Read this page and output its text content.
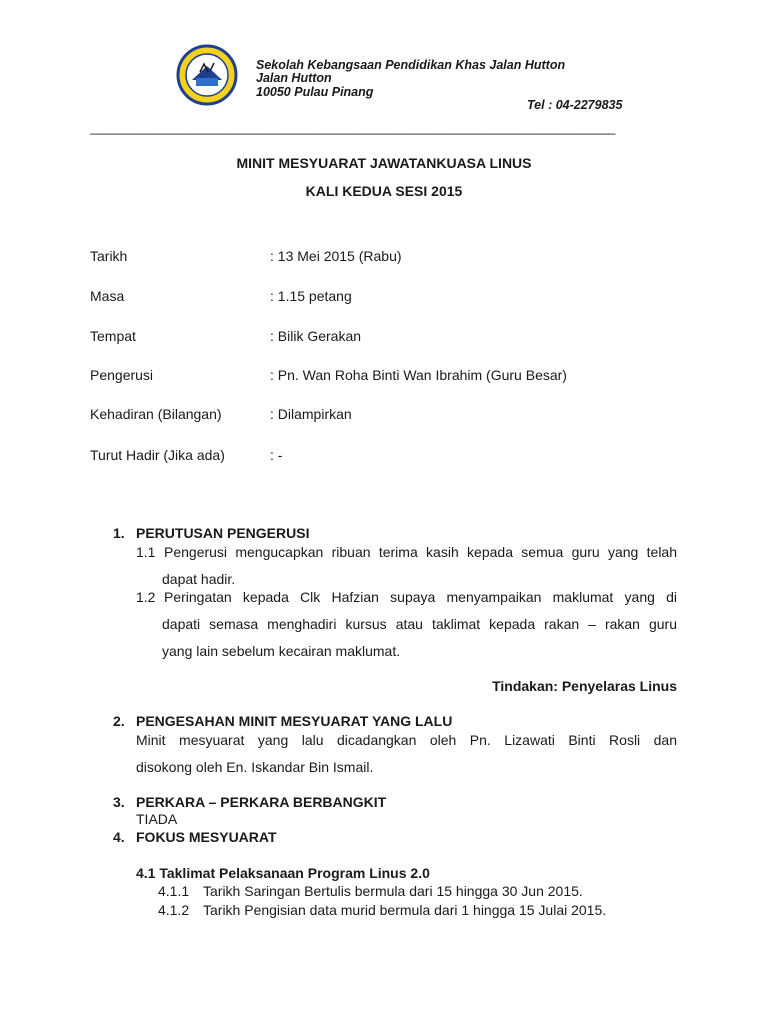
Sekolah Kebangsaan Pendidikan Khas Jalan Hutton
Jalan Hutton
10050 Pulau Pinang
Tel : 04-2279835
______________________________________________________________________________
MINIT MESYUARAT JAWATANKUASA LINUS
KALI KEDUA SESI 2015
Tarikh	: 13 Mei 2015 (Rabu)
Masa	: 1.15 petang
Tempat	: Bilik Gerakan
Pengerusi	: Pn. Wan Roha Binti Wan Ibrahim (Guru Besar)
Kehadiran (Bilangan)	: Dilampirkan
Turut Hadir (Jika ada)	: -
1. PERUTUSAN PENGERUSI
1.1 Pengerusi mengucapkan ribuan terima kasih kepada semua guru yang telah
dapat hadir.
1.2 Peringatan kepada Clk Hafzian supaya menyampaikan maklumat yang di
dapati semasa menghadiri kursus atau taklimat kepada rakan – rakan guru
yang lain sebelum kecairan maklumat.
Tindakan: Penyelaras Linus
2. PENGESAHAN MINIT MESYUARAT YANG LALU
Minit mesyuarat yang lalu dicadangkan oleh Pn. Lizawati Binti Rosli dan
disokong oleh En. Iskandar Bin Ismail.
3. PERKARA – PERKARA BERBANGKIT
TIADA
4. FOKUS MESYUARAT
4.1 Taklimat Pelaksanaan Program Linus 2.0
4.1.1 Tarikh Saringan Bertulis bermula dari 15 hingga 30 Jun 2015.
4.1.2 Tarikh Pengisian data murid bermula dari 1 hingga 15 Julai 2015.
